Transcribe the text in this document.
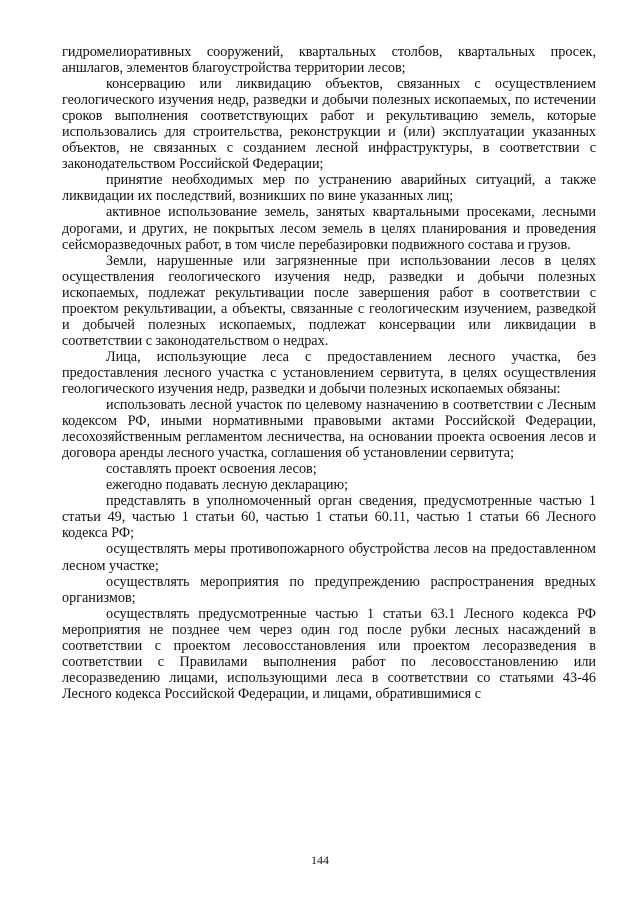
гидромелиоративных сооружений, квартальных столбов, квартальных просек, аншлагов, элементов благоустройства территории лесов;

консервацию или ликвидацию объектов, связанных с осуществлением геологического изучения недр, разведки и добычи полезных ископаемых, по истечении сроков выполнения соответствующих работ и рекультивацию земель, которые использовались для строительства, реконструкции и (или) эксплуатации указанных объектов, не связанных с созданием лесной инфраструктуры, в соответствии с законодательством Российской Федерации;

принятие необходимых мер по устранению аварийных ситуаций, а также ликвидации их последствий, возникших по вине указанных лиц;

активное использование земель, занятых квартальными просеками, лесными дорогами, и других, не покрытых лесом земель в целях планирования и проведения сейсморазведочных работ, в том числе перебазировки подвижного состава и грузов.

Земли, нарушенные или загрязненные при использовании лесов в целях осуществления геологического изучения недр, разведки и добычи полезных ископаемых, подлежат рекультивации после завершения работ в соответствии с проектом рекультивации, а объекты, связанные с геологическим изучением, разведкой и добычей полезных ископаемых, подлежат консервации или ликвидации в соответствии с законодательством о недрах.

Лица, использующие леса с предоставлением лесного участка, без предоставления лесного участка с установлением сервитута, в целях осуществления геологического изучения недр, разведки и добычи полезных ископаемых обязаны:

использовать лесной участок по целевому назначению в соответствии с Лесным кодексом РФ, иными нормативными правовыми актами Российской Федерации, лесохозяйственным регламентом лесничества, на основании проекта освоения лесов и договора аренды лесного участка, соглашения об установлении сервитута;

составлять проект освоения лесов;

ежегодно подавать лесную декларацию;

представлять в уполномоченный орган сведения, предусмотренные частью 1 статьи 49, частью 1 статьи 60, частью 1 статьи 60.11, частью 1 статьи 66 Лесного кодекса РФ;

осуществлять меры противопожарного обустройства лесов на предоставленном лесном участке;

осуществлять мероприятия по предупреждению распространения вредных организмов;

осуществлять предусмотренные частью 1 статьи 63.1 Лесного кодекса РФ мероприятия не позднее чем через один год после рубки лесных насаждений в соответствии с проектом лесовосстановления или проектом лесоразведения в соответствии с Правилами выполнения работ по лесовосстановлению или лесоразведению лицами, использующими леса в соответствии со статьями 43-46 Лесного кодекса Российской Федерации, и лицами, обратившимися с

144
